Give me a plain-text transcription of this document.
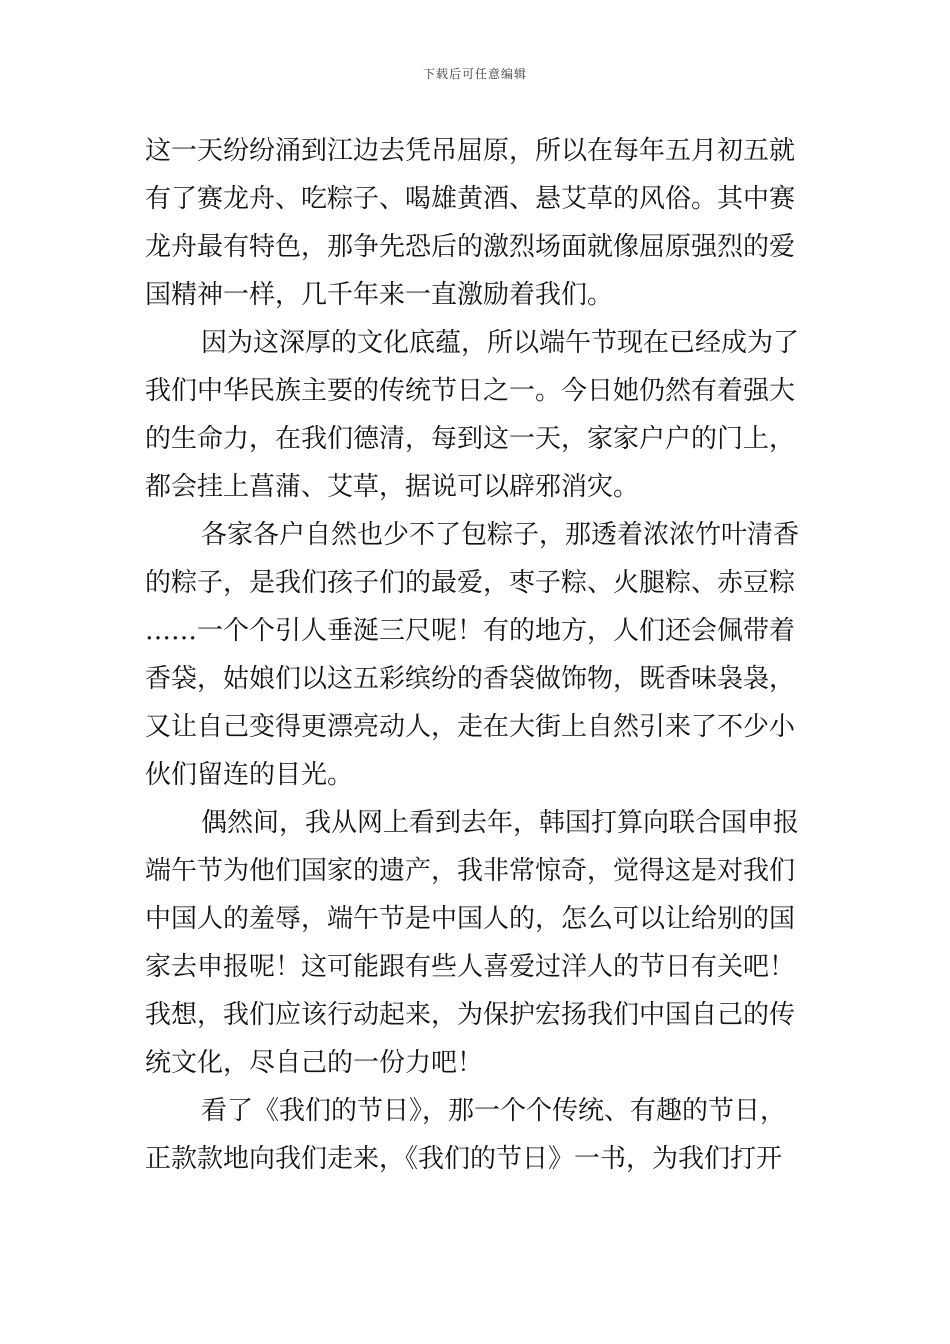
下载后可任意编辑
这一天纷纷涌到江边去凭吊屈原，所以在每年五月初五就
有了赛龙舟、吃粽子、喝雄黄酒、悬艾草的风俗。其中赛
龙舟最有特色，那争先恐后的激烈场面就像屈原强烈的爱
国精神一样，几千年来一直激励着我们。
因为这深厚的文化底蕴，所以端午节现在已经成为了
我们中华民族主要的传统节日之一。今日她仍然有着强大
的生命力，在我们德清，每到这一天，家家户户的门上，
都会挂上菖蒲、艾草，据说可以辟邪消灾。
各家各户自然也少不了包粽子，那透着浓浓竹叶清香
的粽子，是我们孩子们的最爱，枣子粽、火腿粽、赤豆粽
……一个个引人垂涎三尺呢！有的地方，人们还会佩带着
香袋，姑娘们以这五彩缤纷的香袋做饰物，既香味袅袅，
又让自己变得更漂亮动人，走在大街上自然引来了不少小
伙们留连的目光。
偶然间，我从网上看到去年，韩国打算向联合国申报
端午节为他们国家的遗产，我非常惊奇，觉得这是对我们
中国人的羞辱，端午节是中国人的，怎么可以让给别的国
家去申报呢！这可能跟有些人喜爱过洋人的节日有关吧！
我想，我们应该行动起来，为保护宏扬我们中国自己的传
统文化，尽自己的一份力吧！
看了《我们的节日》，那一个个传统、有趣的节日，
正款款地向我们走来，《我们的节日》一书，为我们打开
